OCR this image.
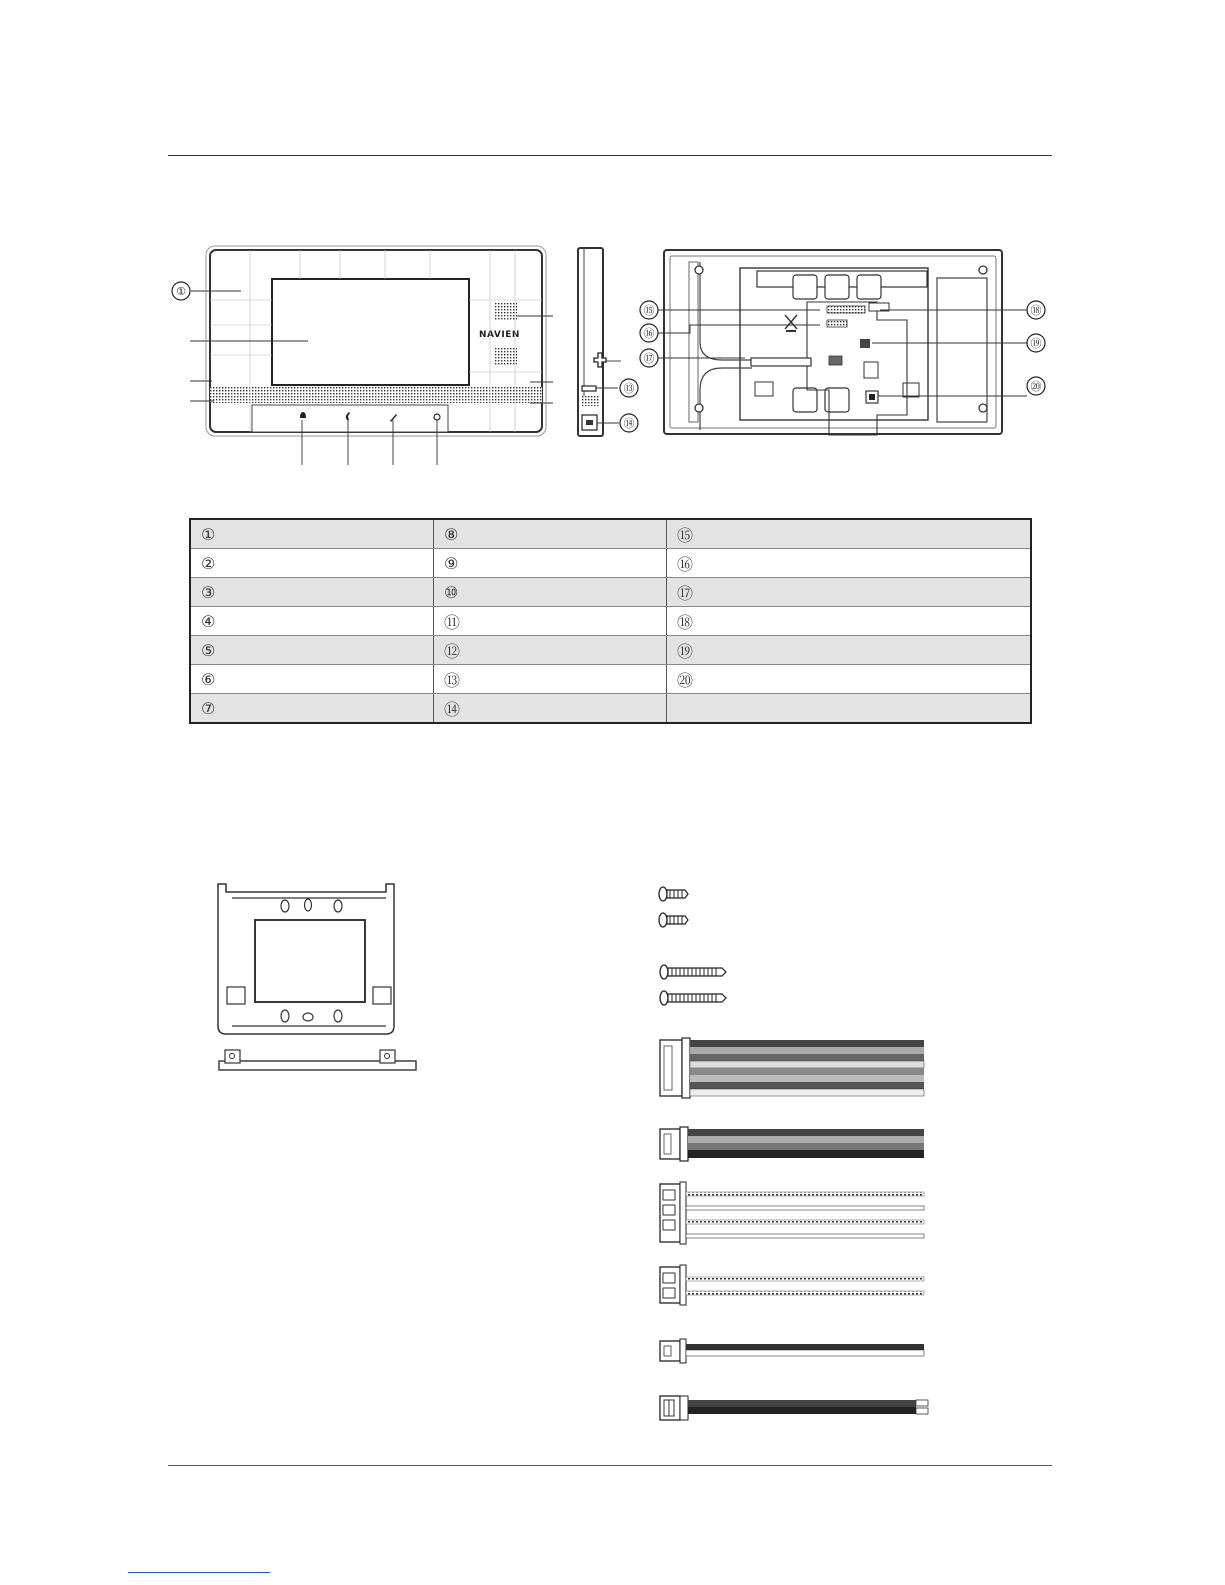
NAVIEN
①
⑬
⑭
⑮
⑯
⑰
⑱
⑲
⑳
①	⑧	⑮
②	⑨	⑯
③	⑩	⑰
④	⑪	⑱
⑤	⑫	⑲
⑥	⑬	⑳
⑦	⑭	
